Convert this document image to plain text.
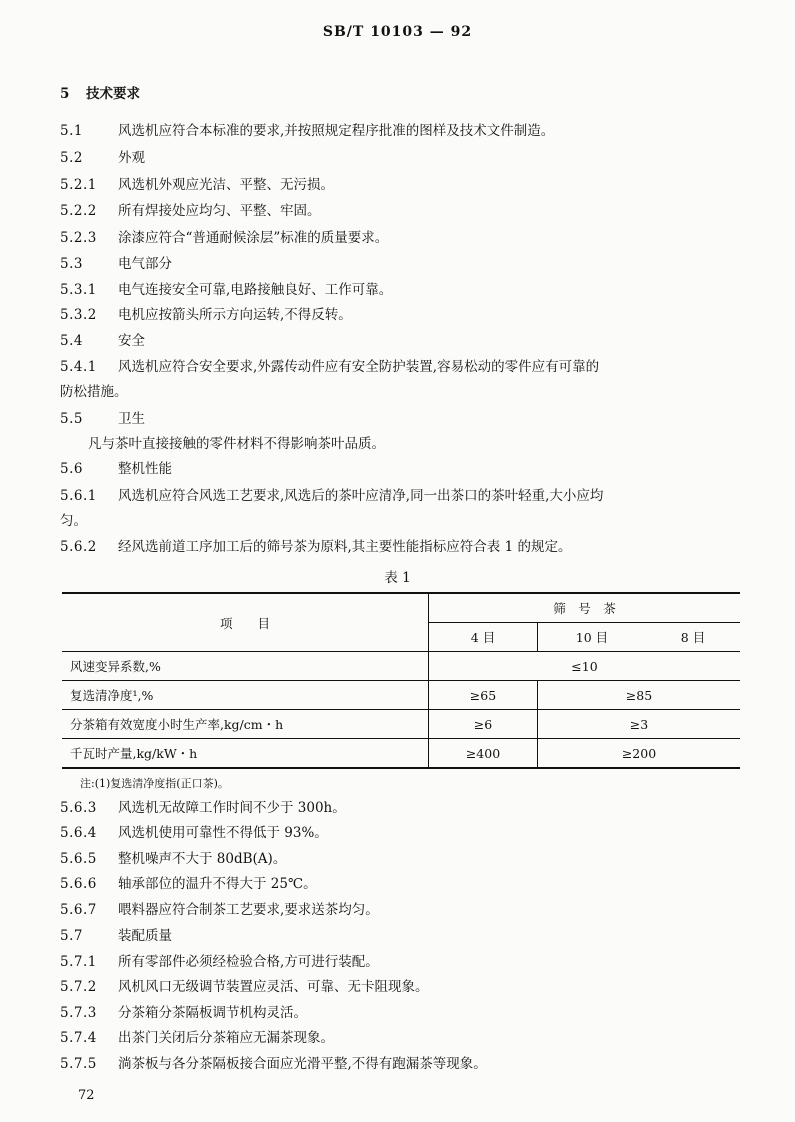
SB/T 10103 — 92
5 技术要求
5.1	风选机应符合本标准的要求,并按照规定程序批准的图样及技术文件制造。
5.2	外观
5.2.1 风选机外观应光洁、平整、无污损。
5.2.2 所有焊接处应均匀、平整、牢固。
5.2.3 涂漆应符合“普通耐候涂层”标准的质量要求。
5.3	电气部分
5.3.1 电气连接安全可靠,电路接触良好、工作可靠。
5.3.2 电机应按箭头所示方向运转,不得反转。
5.4	安全
5.4.1 风选机应符合安全要求,外露传动件应有安全防护装置,容易松动的零件应有可靠的
防松措施。
5.5	卫生
凡与茶叶直接接触的零件材料不得影响茶叶品质。
5.6	整机性能
5.6.1 风选机应符合风选工艺要求,风选后的茶叶应清净,同一出茶口的茶叶轻重,大小应均
匀。
5.6.2 经风选前道工序加工后的筛号茶为原料,其主要性能指标应符合表 1 的规定。
表 1
项　　目	筛　号　茶		
	4 目	10 目	8 目
风速变异系数,%	≤10		
复选清净度¹,%	≥65	≥85	
分茶箱有效宽度小时生产率,kg/cm・h	≥6	≥3	
千瓦时产量,kg/kW・h	≥400	≥200	
注:(1)复选清净度指(正口茶)。
5.6.3 风选机无故障工作时间不少于 300h。
5.6.4 风选机使用可靠性不得低于 93%。
5.6.5 整机噪声不大于 80dB(A)。
5.6.6 轴承部位的温升不得大于 25℃。
5.6.7 喂料器应符合制茶工艺要求,要求送茶均匀。
5.7	装配质量
5.7.1 所有零部件必须经检验合格,方可进行装配。
5.7.2 风机风口无级调节装置应灵活、可靠、无卡阻现象。
5.7.3 分茶箱分茶隔板调节机构灵活。
5.7.4 出茶门关闭后分茶箱应无漏茶现象。
5.7.5 淌茶板与各分茶隔板接合面应光滑平整,不得有跑漏茶等现象。
72
